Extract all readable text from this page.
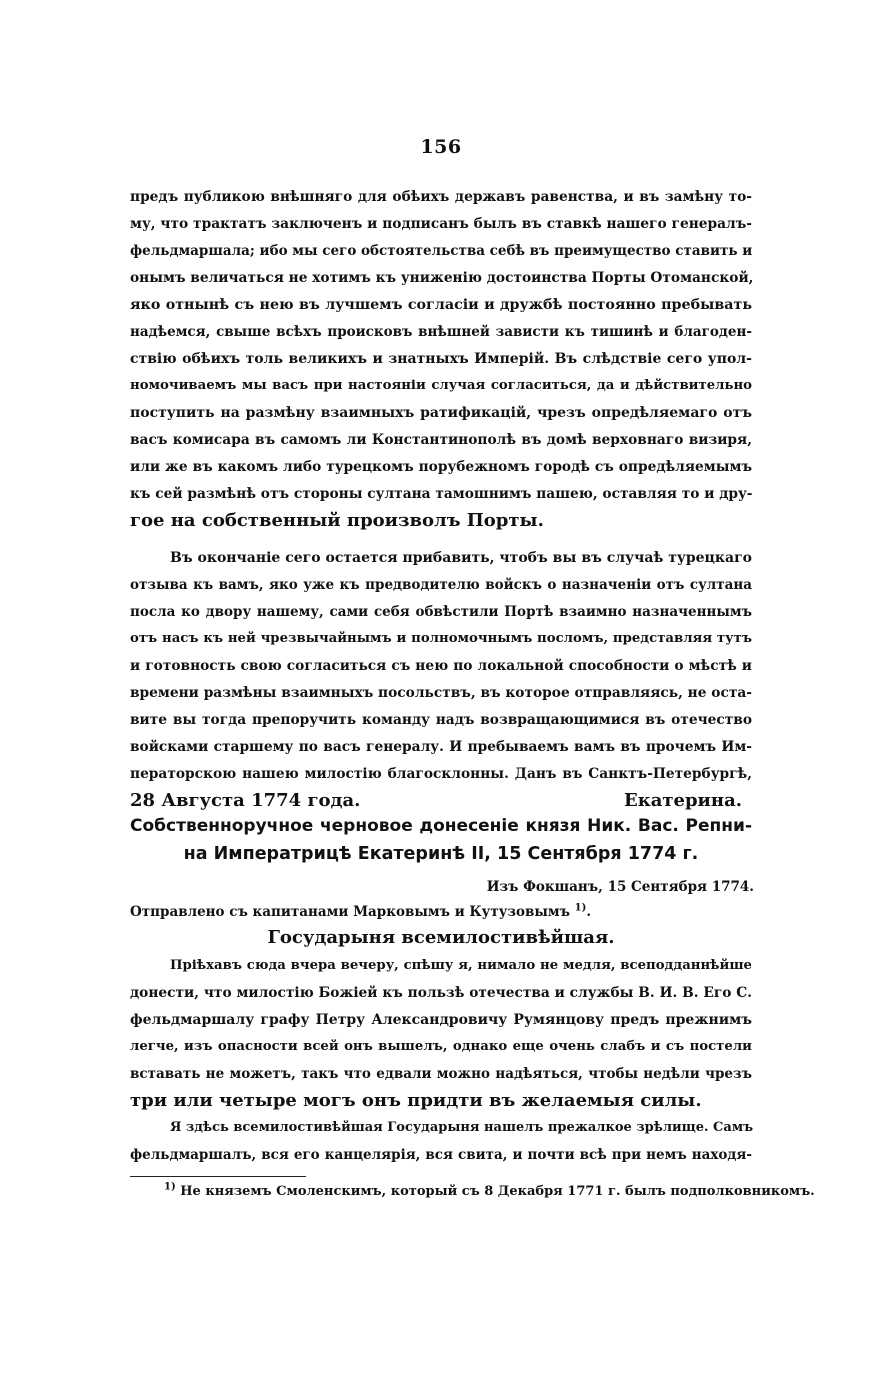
156
предъ публикою внѣшняго для обѣихъ державъ равенства, и въ замѣну то-
му, что трактатъ заключенъ и подписанъ былъ въ ставкѣ нашего генералъ-
фельдмаршала; ибо мы сего обстоятельства себѣ въ преимущество ставить и
онымъ величаться не хотимъ къ униженію достоинства Порты Отоманской,
яко отнынѣ съ нею въ лучшемъ согласіи и дружбѣ постоянно пребывать
надѣемся, свыше всѣхъ происковъ внѣшней зависти къ тишинѣ и благоден-
ствію обѣихъ толь великихъ и знатныхъ Имперій. Въ слѣдствіе сего упол-
номочиваемъ мы васъ при настояніи случая согласиться, да и дѣйствительно
поступить на размѣну взаимныхъ ратификацій, чрезъ опредѣляемаго отъ
васъ комисара въ самомъ ли Константинополѣ въ домѣ верховнаго визиря,
или же въ какомъ либо турецкомъ порубежномъ городѣ съ опредѣляемымъ
къ сей размѣнѣ отъ стороны султана тамошнимъ пашею, оставляя то и дру-
гое на собственный произволъ Порты.
Въ окончаніе сего остается прибавить, чтобъ вы въ случаѣ турецкаго
отзыва къ вамъ, яко уже къ предводителю войскъ о назначеніи отъ султана
посла ко двору нашему, сами себя обвѣстили Портѣ взаимно назначеннымъ
отъ насъ къ ней чрезвычайнымъ и полномочнымъ посломъ, представляя тутъ
и готовность свою согласиться съ нею по локальной способности о мѣстѣ и
времени размѣны взаимныхъ посольствъ, въ которое отправляясь, не оста-
вите вы тогда препоручить команду надъ возвращающимися въ отечество
войсками старшему по васъ генералу. И пребываемъ вамъ въ прочемъ Им-
ператорскою нашею милостію благосклонны. Данъ въ Санктъ-Петербургѣ,
28 Августа 1774 года.	Екатерина.
Собственноручное черновое донесеніе князя Ник. Вас. Репни-
на Императрицѣ Екатеринѣ II, 15 Сентября 1774 г.
Изъ Фокшанъ, 15 Сентября 1774.
Отправлено съ капитанами Марковымъ и Кутузовымъ $^{1)}$.
Государыня всемилостивѣйшая.
Пріѣхавъ сюда вчера вечеру, спѣшу я, нимало не медля, всеподданнѣйше
донести, что милостію Божіей къ пользѣ отечества и службы В. И. В. Его С.
фельдмаршалу графу Петру Александровичу Румянцову предъ прежнимъ
легче, изъ опасности всей онъ вышелъ, однако еще очень слабъ и съ постели
вставать не можетъ, такъ что едвали можно надѣяться, чтобы недѣли чрезъ
три или четыре могъ онъ придти въ желаемыя силы.
Я здѣсь всемилостивѣйшая Государыня нашелъ прежалкое зрѣлище. Самъ
фельдмаршалъ, вся его канцелярія, вся свита, и почти всѣ при немъ находя-
$^{1)}$ Не княземъ Смоленскимъ, который съ 8 Декабря 1771 г. былъ подполковникомъ.
